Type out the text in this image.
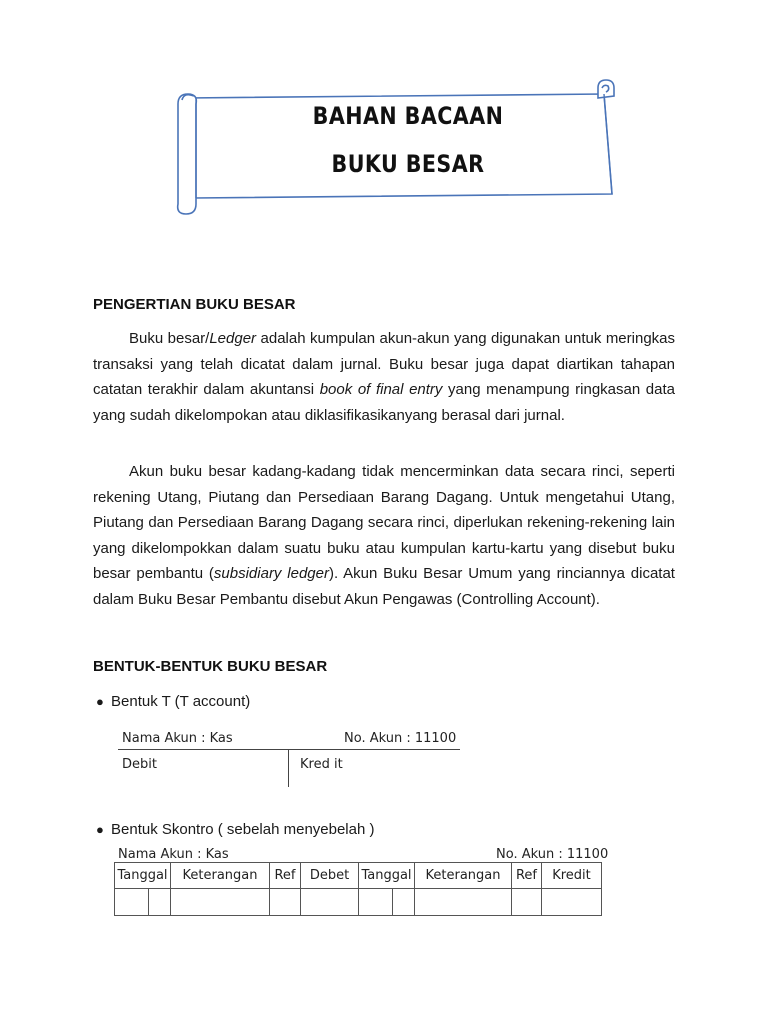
BAHAN BACAAN
BUKU BESAR
PENGERTIAN BUKU BESAR

Buku besar/Ledger adalah kumpulan akun-akun yang digunakan untuk meringkas transaksi yang telah dicatat dalam jurnal. Buku besar juga dapat diartikan tahapan catatan terakhir dalam akuntansi book of final entry yang menampung ringkasan data yang sudah dikelompokan atau diklasifikasikanyang berasal dari jurnal.

Akun buku besar kadang-kadang tidak mencerminkan data secara rinci, seperti rekening Utang, Piutang dan Persediaan Barang Dagang. Untuk mengetahui Utang, Piutang dan Persediaan Barang Dagang secara rinci, diperlukan rekening-rekening lain yang dikelompokkan dalam suatu buku atau kumpulan kartu-kartu yang disebut buku besar pembantu (subsidiary ledger). Akun Buku Besar Umum yang rinciannya dicatat dalam Buku Besar Pembantu disebut Akun Pengawas (Controlling Account).

BENTUK-BENTUK BUKU BESAR
● Bentuk T (T account)
Nama Akun : Kas	No. Akun : 11100
Debit	Kred it
● Bentuk Skontro ( sebelah menyebelah )
Nama Akun : Kas	No. Akun : 11100
Tanggal		Keterangan	Ref	Debet	Tanggal		Keterangan	Ref	Kredit
